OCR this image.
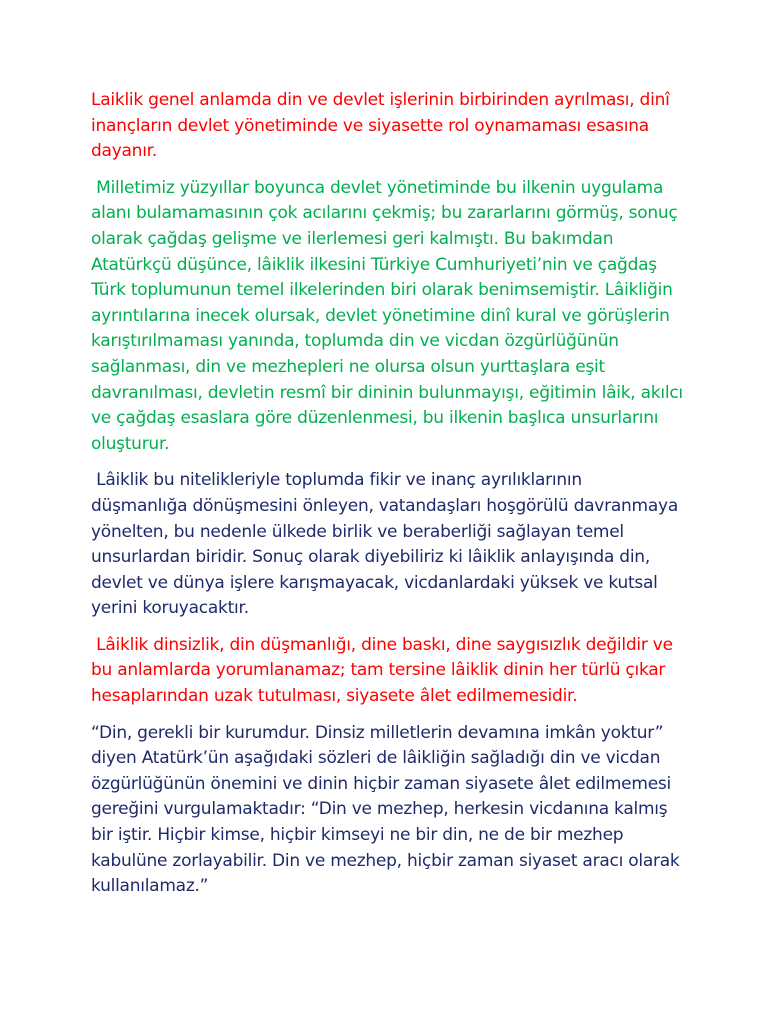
Laiklik genel anlamda din ve devlet işlerinin birbirinden ayrılması, dinî inançların devlet yönetiminde ve siyasette rol oynamaması esasına dayanır.

Milletimiz yüzyıllar boyunca devlet yönetiminde bu ilkenin uygulama alanı bulamamasının çok acılarını çekmiş; bu zararlarını görmüş, sonuç olarak çağdaş gelişme ve ilerlemesi geri kalmıştı. Bu bakımdan Atatürkçü düşünce, lâiklik ilkesini Türkiye Cumhuriyeti’nin ve çağdaş Türk toplumunun temel ilkelerinden biri olarak benimsemiştir. Lâikliğin ayrıntılarına inecek olursak, devlet yönetimine dinî kural ve görüşlerin karıştırılmaması yanında, toplumda din ve vicdan özgürlüğünün sağlanması, din ve mezhepleri ne olursa olsun yurttaşlara eşit davranılması, devletin resmî bir dininin bulunmayışı, eğitimin lâik, akılcı ve çağdaş esaslara göre düzenlenmesi, bu ilkenin başlıca unsurlarını oluşturur.

Lâiklik bu nitelikleriyle toplumda fikir ve inanç ayrılıklarının düşmanlığa dönüşmesini önleyen, vatandaşları hoşgörülü davranmaya yönelten, bu nedenle ülkede birlik ve beraberliği sağlayan temel unsurlardan biridir. Sonuç olarak diyebiliriz ki lâiklik anlayışında din, devlet ve dünya işlere karışmayacak, vicdanlardaki yüksek ve kutsal yerini koruyacaktır.

Lâiklik dinsizlik, din düşmanlığı, dine baskı, dine saygısızlık değildir ve bu anlamlarda yorumlanamaz; tam tersine lâiklik dinin her türlü çıkar hesaplarından uzak tutulması, siyasete âlet edilmemesidir.

“Din, gerekli bir kurumdur. Dinsiz milletlerin devamına imkân yoktur” diyen Atatürk’ün aşağıdaki sözleri de lâikliğin sağladığı din ve vicdan özgürlüğünün önemini ve dinin hiçbir zaman siyasete âlet edilmemesi gereğini vurgulamaktadır: “Din ve mezhep, herkesin vicdanına kalmış bir iştir. Hiçbir kimse, hiçbir kimseyi ne bir din, ne de bir mezhep kabulüne zorlayabilir. Din ve mezhep, hiçbir zaman siyaset aracı olarak kullanılamaz.”
